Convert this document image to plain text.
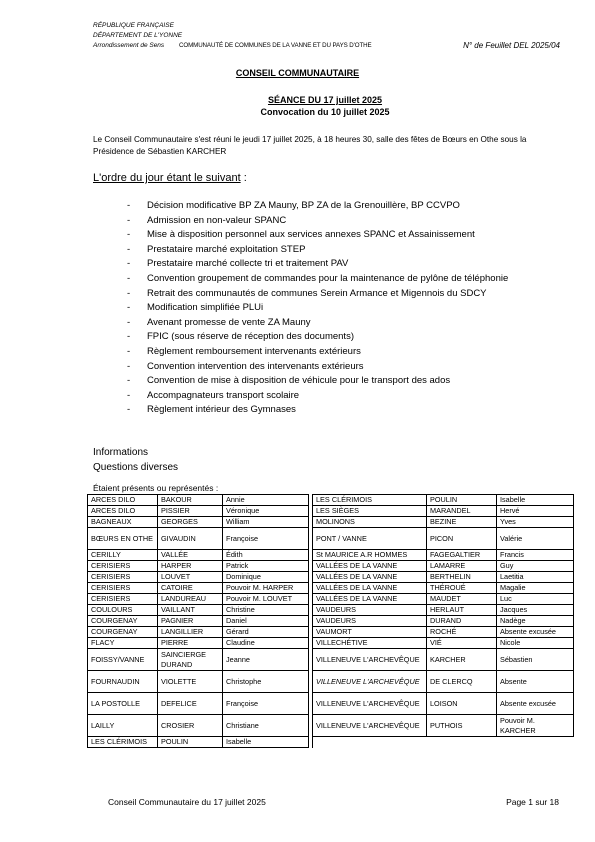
RÉPUBLIQUE FRANÇAISE
DÉPARTEMENT DE L'YONNE
Arrondissement de Sens COMMUNAUTÉ DE COMMUNES DE LA VANNE ET DU PAYS D'OTHE	N° de Feuillet DEL 2025/04
CONSEIL COMMUNAUTAIRE
SÉANCE DU 17 juillet 2025
Convocation du 10 juillet 2025
Le Conseil Communautaire s'est réuni le jeudi 17 juillet 2025, à 18 heures 30, salle des fêtes de Bœurs en Othe sous la Présidence de Sébastien KARCHER
L'ordre du jour étant le suivant :
- Décision modificative BP ZA Mauny, BP ZA de la Grenouillère, BP CCVPO
- Admission en non-valeur SPANC
- Mise à disposition personnel aux services annexes SPANC et Assainissement
- Prestataire marché exploitation STEP
- Prestataire marché collecte tri et traitement PAV
- Convention groupement de commandes pour la maintenance de pylône de téléphonie
- Retrait des communautés de communes Serein Armance et Migennois du SDCY
- Modification simplifiée PLUi
- Avenant promesse de vente ZA Mauny
- FPIC (sous réserve de réception des documents)
- Règlement remboursement intervenants extérieurs
- Convention intervention des intervenants extérieurs
- Convention de mise à disposition de véhicule pour le transport des ados
- Accompagnateurs transport scolaire
- Règlement intérieur des Gymnases
Informations
Questions diverses
Étaient présents ou représentés :
ARCES DILO	BAKOUR	Annie		LES CLÉRIMOIS	POULIN	Isabelle
ARCES DILO	PISSIER	Véronique		LES SIÈGES	MARANDEL	Hervé
BAGNEAUX	GEORGES	William		MOLINONS	BEZINE	Yves
BŒURS EN OTHE	GIVAUDIN	Françoise		PONT / VANNE	PICON	Valérie
CERILLY	VALLÉE	Édith		St MAURICE A.R HOMMES	FAGEGALTIER	Francis
CERISIERS	HARPER	Patrick		VALLÉES DE LA VANNE	LAMARRE	Guy
CERISIERS	LOUVET	Dominique		VALLÉES DE LA VANNE	BERTHELIN	Laetitia
CERISIERS	CATOIRE	Pouvoir M. HARPER		VALLÉES DE LA VANNE	THÉROUÉ	Magalie
CERISIERS	LANDUREAU	Pouvoir M. LOUVET		VALLÉES DE LA VANNE	MAUDET	Luc
COULOURS	VAILLANT	Christine		VAUDEURS	HERLAUT	Jacques
COURGENAY	PAGNIER	Daniel		VAUDEURS	DURAND	Nadège
COURGENAY	LANGILLIER	Gérard		VAUMORT	ROCHÉ	Absente excusée
FLACY	PIERRE	Claudine		VILLECHÉTIVE	VIÉ	Nicole
FOISSY/VANNE	SAINCIERGE DURAND	Jeanne		VILLENEUVE L'ARCHEVÊQUE	KARCHER	Sébastien
FOURNAUDIN	VIOLETTE	Christophe		VILLENEUVE L'ARCHEVÊQUE	DE CLERCQ	Absente
LA POSTOLLE	DEFELICE	Françoise		VILLENEUVE L'ARCHEVÊQUE	LOISON	Absente excusée
LAILLY	CROSIER	Christiane		VILLENEUVE L'ARCHEVÊQUE	PUTHOIS	Pouvoir M. KARCHER
LES CLÉRIMOIS	POULIN	Isabelle				
Conseil Communautaire du 17 juillet 2025	Page 1 sur 18
